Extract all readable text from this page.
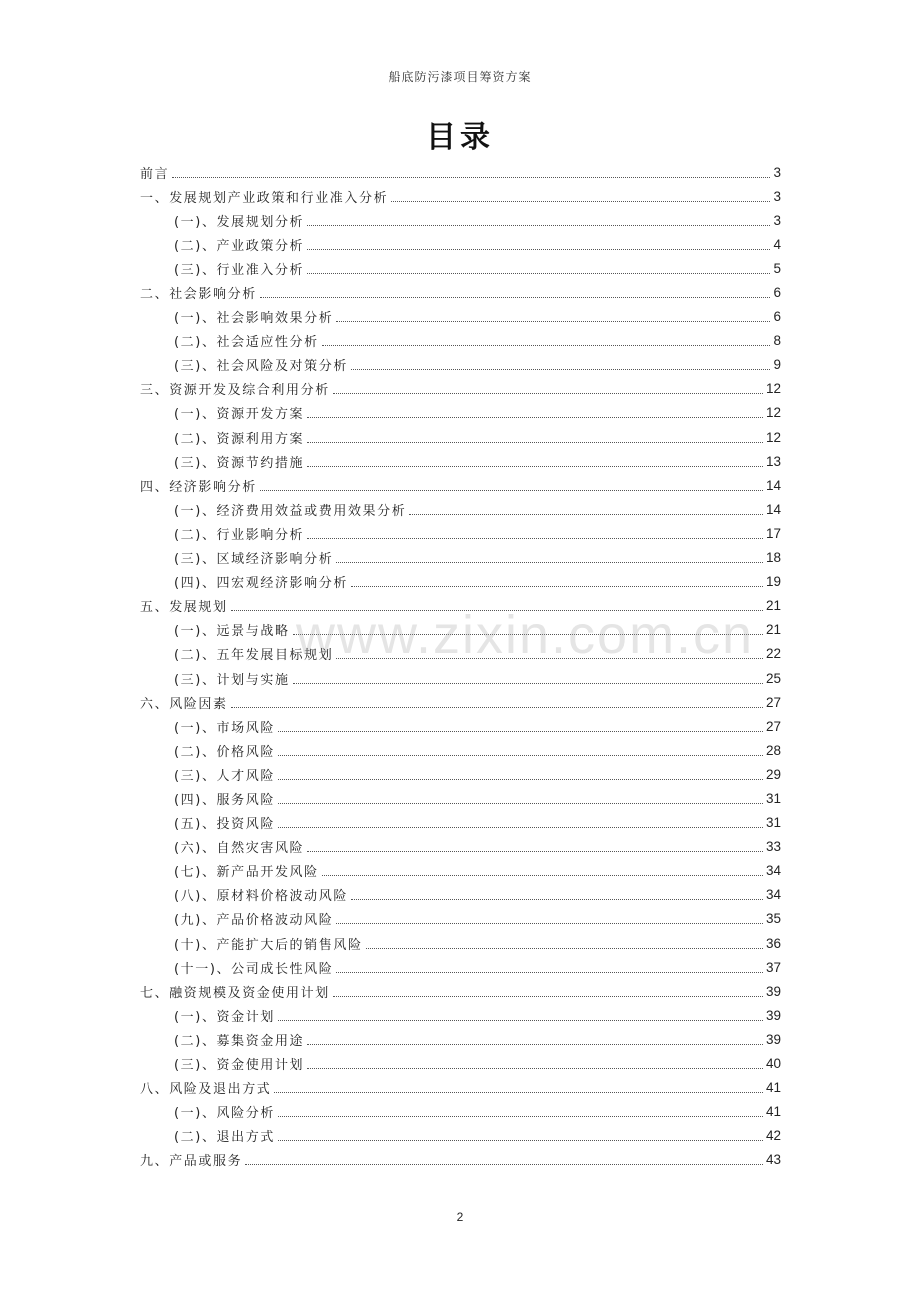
船底防污漆项目筹资方案
目录
前言	3
一、发展规划产业政策和行业准入分析	3
(一)、发展规划分析	3
(二)、产业政策分析	4
(三)、行业准入分析	5
二、社会影响分析	6
(一)、社会影响效果分析	6
(二)、社会适应性分析	8
(三)、社会风险及对策分析	9
三、资源开发及综合利用分析	12
(一)、资源开发方案	12
(二)、资源利用方案	12
(三)、资源节约措施	13
四、经济影响分析	14
(一)、经济费用效益或费用效果分析	14
(二)、行业影响分析	17
(三)、区域经济影响分析	18
(四)、四宏观经济影响分析	19
五、发展规划	21
(一)、远景与战略	21
(二)、五年发展目标规划	22
(三)、计划与实施	25
六、风险因素	27
(一)、市场风险	27
(二)、价格风险	28
(三)、人才风险	29
(四)、服务风险	31
(五)、投资风险	31
(六)、自然灾害风险	33
(七)、新产品开发风险	34
(八)、原材料价格波动风险	34
(九)、产品价格波动风险	35
(十)、产能扩大后的销售风险	36
(十一)、公司成长性风险	37
七、融资规模及资金使用计划	39
(一)、资金计划	39
(二)、募集资金用途	39
(三)、资金使用计划	40
八、风险及退出方式	41
(一)、风险分析	41
(二)、退出方式	42
九、产品或服务	43
www.zixin.com.cn
2
